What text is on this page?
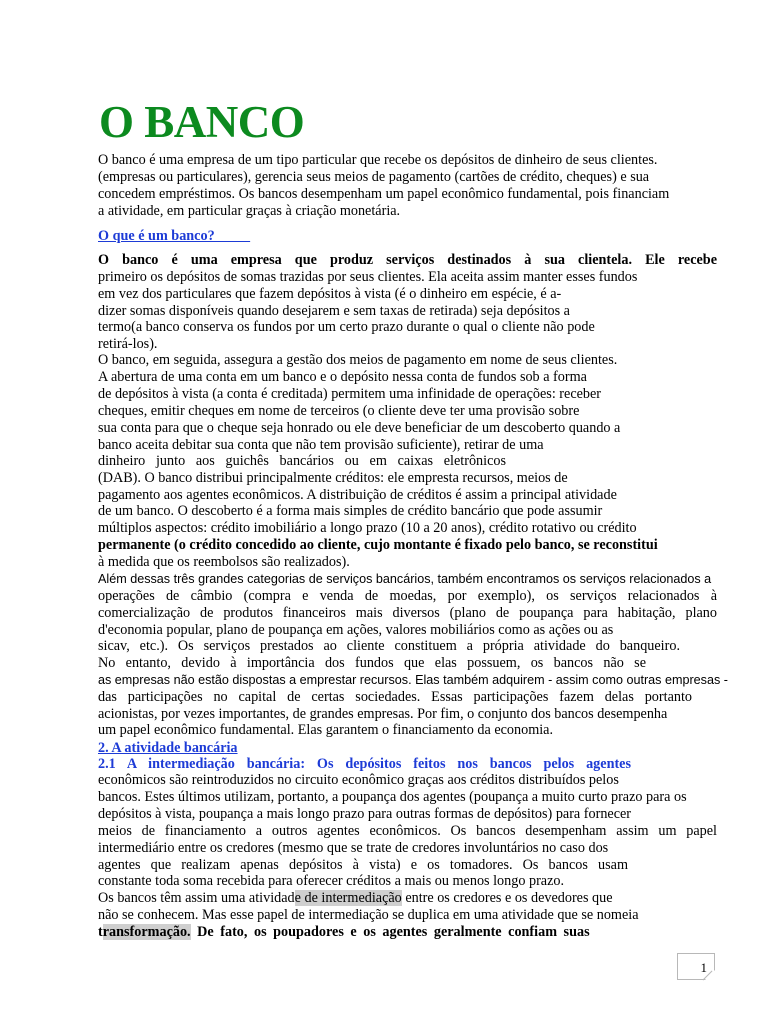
O BANCO
O banco é uma empresa de um tipo particular que recebe os depósitos de dinheiro de seus clientes.
(empresas ou particulares), gerencia seus meios de pagamento (cartões de crédito, cheques) e sua
concedem empréstimos. Os bancos desempenham um papel econômico fundamental, pois financiam
a atividade, em particular graças à criação monetária.
O que é um banco?
O banco é uma empresa que produz serviços destinados à sua clientela. Ele recebe
primeiro os depósitos de somas trazidas por seus clientes. Ela aceita assim manter esses fundos
em vez dos particulares que fazem depósitos à vista (é o dinheiro em espécie, é a-
dizer somas disponíveis quando desejarem e sem taxas de retirada) seja depósitos a
termo(a banco conserva os fundos por um certo prazo durante o qual o cliente não pode
retirá-los).
O banco, em seguida, assegura a gestão dos meios de pagamento em nome de seus clientes.
A abertura de uma conta em um banco e o depósito nessa conta de fundos sob a forma
de depósitos à vista (a conta é creditada) permitem uma infinidade de operações: receber
cheques, emitir cheques em nome de terceiros (o cliente deve ter uma provisão sobre
sua conta para que o cheque seja honrado ou ele deve beneficiar de um descoberto quando a
banco aceita debitar sua conta que não tem provisão suficiente), retirar de uma
dinheiro junto aos guichês bancários ou em caixas eletrônicos
(DAB). O banco distribui principalmente créditos: ele empresta recursos, meios de
pagamento aos agentes econômicos. A distribuição de créditos é assim a principal atividade
de um banco. O descoberto é a forma mais simples de crédito bancário que pode assumir
múltiplos aspectos: crédito imobiliário a longo prazo (10 a 20 anos), crédito rotativo ou crédito
permanente (o crédito concedido ao cliente, cujo montante é fixado pelo banco, se reconstitui
à medida que os reembolsos são realizados).
Além dessas três grandes categorias de serviços bancários, também encontramos os serviços relacionados a
operações de câmbio (compra e venda de moedas, por exemplo), os serviços relacionados à
comercialização de produtos financeiros mais diversos (plano de poupança para habitação, plano
d'economia popular, plano de poupança em ações, valores mobiliários como as ações ou as
sicav, etc.). Os serviços prestados ao cliente constituem a própria atividade do banqueiro.
No entanto, devido à importância dos fundos que elas possuem, os bancos não se
as empresas não estão dispostas a emprestar recursos. Elas também adquirem - assim como outras empresas -
das participações no capital de certas sociedades. Essas participações fazem delas portanto
acionistas, por vezes importantes, de grandes empresas. Por fim, o conjunto dos bancos desempenha
um papel econômico fundamental. Elas garantem o financiamento da economia.
2. A atividade bancária
2.1 A intermediação bancária: Os depósitos feitos nos bancos pelos agentes
econômicos são reintroduzidos no circuito econômico graças aos créditos distribuídos pelos
bancos. Estes últimos utilizam, portanto, a poupança dos agentes (poupança a muito curto prazo para os
depósitos à vista, poupança a mais longo prazo para outras formas de depósitos) para fornecer
meios de financiamento a outros agentes econômicos. Os bancos desempenham assim um papel
intermediário entre os credores (mesmo que se trate de credores involuntários no caso dos
agentes que realizam apenas depósitos à vista) e os tomadores. Os bancos usam
constante toda soma recebida para oferecer créditos a mais ou menos longo prazo.
Os bancos têm assim uma atividade de intermediação entre os credores e os devedores que
não se conhecem. Mas esse papel de intermediação se duplica em uma atividade que se nomeia
transformação. De fato, os poupadores e os agentes geralmente confiam suas
1
